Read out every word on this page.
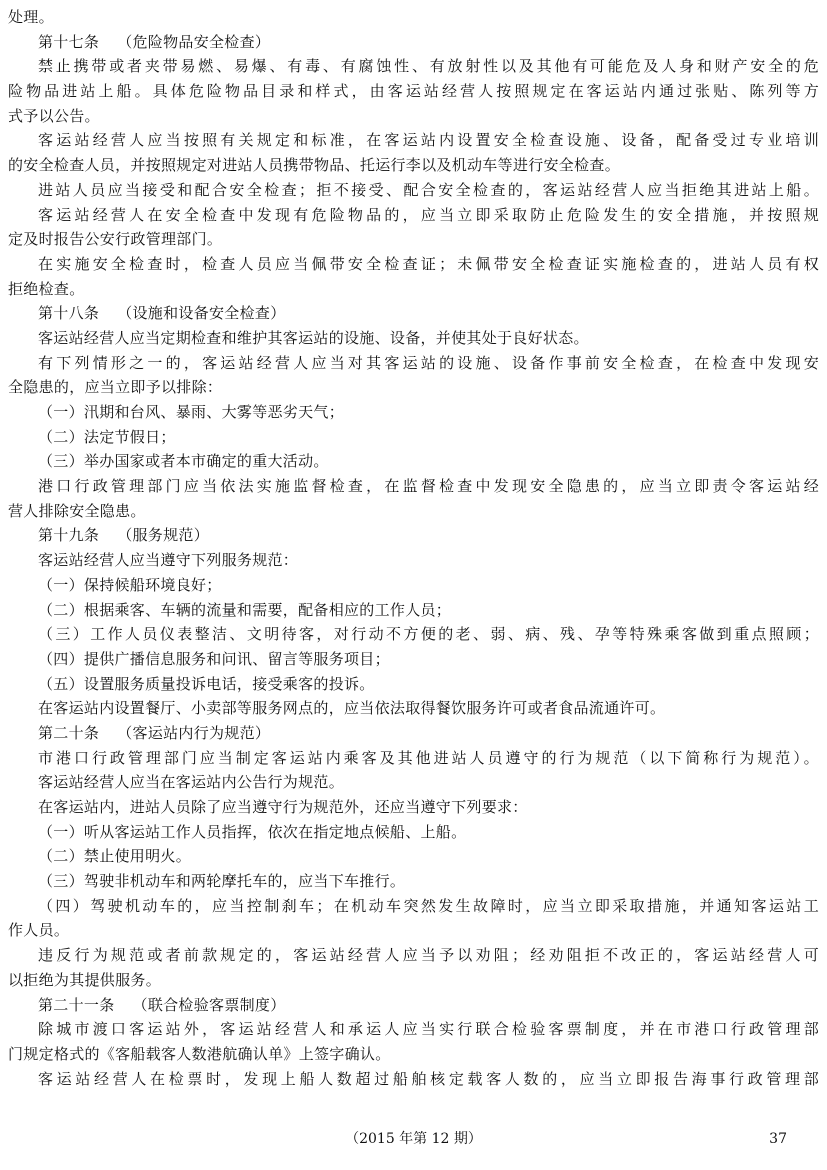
处理。
第十七条 （危险物品安全检查）
禁止携带或者夹带易燃、易爆、有毒、有腐蚀性、有放射性以及其他有可能危及人身和财产安全的危
险物品进站上船。具体危险物品目录和样式，由客运站经营人按照规定在客运站内通过张贴、陈列等方
式予以公告。
客运站经营人应当按照有关规定和标准，在客运站内设置安全检查设施、设备，配备受过专业培训
的安全检查人员，并按照规定对进站人员携带物品、托运行李以及机动车等进行安全检查。
进站人员应当接受和配合安全检查；拒不接受、配合安全检查的，客运站经营人应当拒绝其进站上船。
客运站经营人在安全检查中发现有危险物品的，应当立即采取防止危险发生的安全措施，并按照规
定及时报告公安行政管理部门。
在实施安全检查时，检查人员应当佩带安全检查证；未佩带安全检查证实施检查的，进站人员有权
拒绝检查。
第十八条 （设施和设备安全检查）
客运站经营人应当定期检查和维护其客运站的设施、设备，并使其处于良好状态。
有下列情形之一的，客运站经营人应当对其客运站的设施、设备作事前安全检查，在检查中发现安
全隐患的，应当立即予以排除：
（一）汛期和台风、暴雨、大雾等恶劣天气；
（二）法定节假日；
（三）举办国家或者本市确定的重大活动。
港口行政管理部门应当依法实施监督检查，在监督检查中发现安全隐患的，应当立即责令客运站经
营人排除安全隐患。
第十九条 （服务规范）
客运站经营人应当遵守下列服务规范：
（一）保持候船环境良好；
（二）根据乘客、车辆的流量和需要，配备相应的工作人员；
（三）工作人员仪表整洁、文明待客，对行动不方便的老、弱、病、残、孕等特殊乘客做到重点照顾；
（四）提供广播信息服务和问讯、留言等服务项目；
（五）设置服务质量投诉电话，接受乘客的投诉。
在客运站内设置餐厅、小卖部等服务网点的，应当依法取得餐饮服务许可或者食品流通许可。
第二十条 （客运站内行为规范）
市港口行政管理部门应当制定客运站内乘客及其他进站人员遵守的行为规范（以下简称行为规范）。
客运站经营人应当在客运站内公告行为规范。
在客运站内，进站人员除了应当遵守行为规范外，还应当遵守下列要求：
（一）听从客运站工作人员指挥，依次在指定地点候船、上船。
（二）禁止使用明火。
（三）驾驶非机动车和两轮摩托车的，应当下车推行。
（四）驾驶机动车的，应当控制刹车；在机动车突然发生故障时，应当立即采取措施，并通知客运站工
作人员。
违反行为规范或者前款规定的，客运站经营人应当予以劝阻；经劝阻拒不改正的，客运站经营人可
以拒绝为其提供服务。
第二十一条 （联合检验客票制度）
除城市渡口客运站外，客运站经营人和承运人应当实行联合检验客票制度，并在市港口行政管理部
门规定格式的《客船载客人数港航确认单》上签字确认。
客运站经营人在检票时，发现上船人数超过船舶核定载客人数的，应当立即报告海事行政管理部
（2015 年第 12 期）	37
